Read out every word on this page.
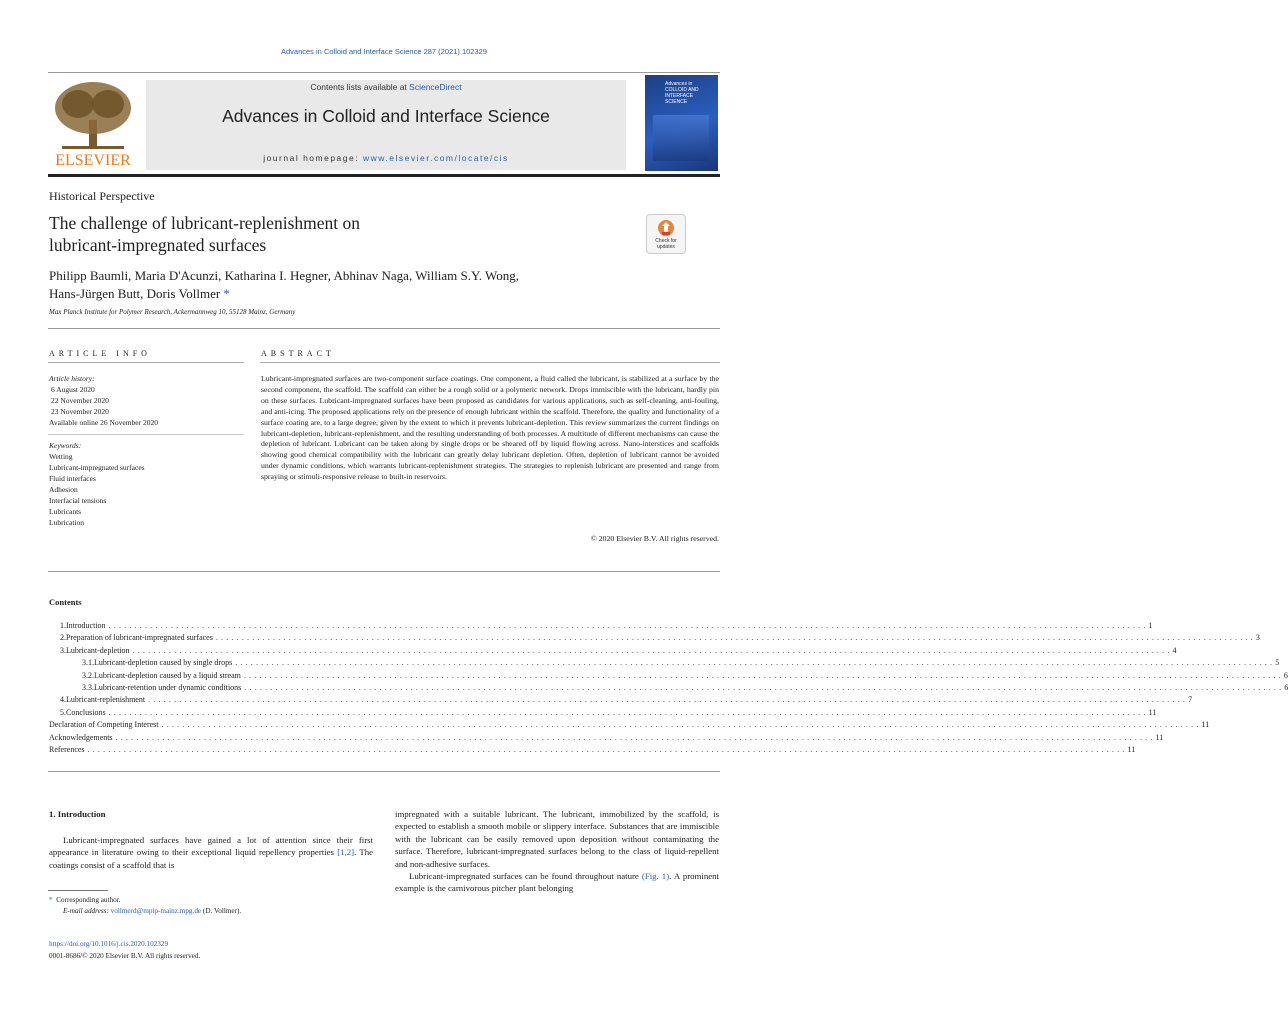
Advances in Colloid and Interface Science 287 (2021) 102329
ELSEVIER
Contents lists available at ScienceDirect
Advances in Colloid and Interface Science
journal homepage: www.elsevier.com/locate/cis
Advances in COLLOID AND INTERFACE SCIENCE
Historical Perspective
The challenge of lubricant-replenishment on
lubricant-impregnated surfaces	Check for updates
Philipp Baumli, Maria D'Acunzi, Katharina I. Hegner, Abhinav Naga, William S.Y. Wong,
Hans-Jürgen Butt, Doris Vollmer *
Max Planck Institute for Polymer Research, Ackermannweg 10, 55128 Mainz, Germany
ARTICLE INFO	ABSTRACT
Article history:
6 August 2020
22 November 2020
23 November 2020
Available online 26 November 2020
Keywords:
Wetting
Lubricant-impregnated surfaces
Fluid interfaces
Adhesion
Interfacial tensions
Lubricants
Lubrication
Lubricant-impregnated surfaces are two-component surface coatings. One component, a fluid called the lubricant, is stabilized at a surface by the second component, the scaffold. The scaffold can either be a rough solid or a polymeric network. Drops immiscible with the lubricant, hardly pin on these surfaces. Lubricant-impregnated surfaces have been proposed as candidates for various applications, such as self-cleaning, anti-fouling, and anti-icing. The proposed applications rely on the presence of enough lubricant within the scaffold. Therefore, the quality and functionality of a surface coating are, to a large degree, given by the extent to which it prevents lubricant-depletion. This review summarizes the current findings on lubricant-depletion, lubricant-replenishment, and the resulting understanding of both processes. A multitude of different mechanisms can cause the depletion of lubricant. Lubricant can be taken along by single drops or be sheared off by liquid flowing across. Nano-interstices and scaffolds showing good chemical compatibility with the lubricant can greatly delay lubricant depletion. Often, depletion of lubricant cannot be avoided under dynamic conditions, which warrants lubricant-replenishment strategies. The strategies to replenish lubricant are presented and range from spraying or stimuli-responsive release to built-in reservoirs.
© 2020 Elsevier B.V. All rights reserved.
Contents
1. Introduction ........................................................................................................................................................................................................ 1
2. Preparation of lubricant-impregnated surfaces ........................................................................................................................................................................................................ 3
3. Lubricant-depletion ........................................................................................................................................................................................................ 4
3.1. Lubricant-depletion caused by single drops ........................................................................................................................................................................................................ 5
3.2. Lubricant-depletion caused by a liquid stream ........................................................................................................................................................................................................ 6
3.3. Lubricant-retention under dynamic conditions ........................................................................................................................................................................................................ 6
4. Lubricant-replenishment ........................................................................................................................................................................................................ 7
5. Conclusions ........................................................................................................................................................................................................ 11
Declaration of Competing Interest ........................................................................................................................................................................................................ 11
Acknowledgements ........................................................................................................................................................................................................ 11
References ........................................................................................................................................................................................................ 11
1. Introduction
Lubricant-impregnated surfaces have gained a lot of attention since their first appearance in literature owing to their exceptional liquid repellency properties [1,2]. The coatings consist of a scaffold that is

impregnated with a suitable lubricant. The lubricant, immobilized by the scaffold, is expected to establish a smooth mobile or slippery interface. Substances that are immiscible with the lubricant can be easily removed upon deposition without contaminating the surface. Therefore, lubricant-impregnated surfaces belong to the class of liquid-repellent and non-adhesive surfaces.

Lubricant-impregnated surfaces can be found throughout nature (Fig. 1). A prominent example is the carnivorous pitcher plant belonging

* Corresponding author.
E-mail address: vollmerd@mpip-mainz.mpg.de (D. Vollmer).
https://doi.org/10.1016/j.cis.2020.102329
0001-8686/© 2020 Elsevier B.V. All rights reserved.
